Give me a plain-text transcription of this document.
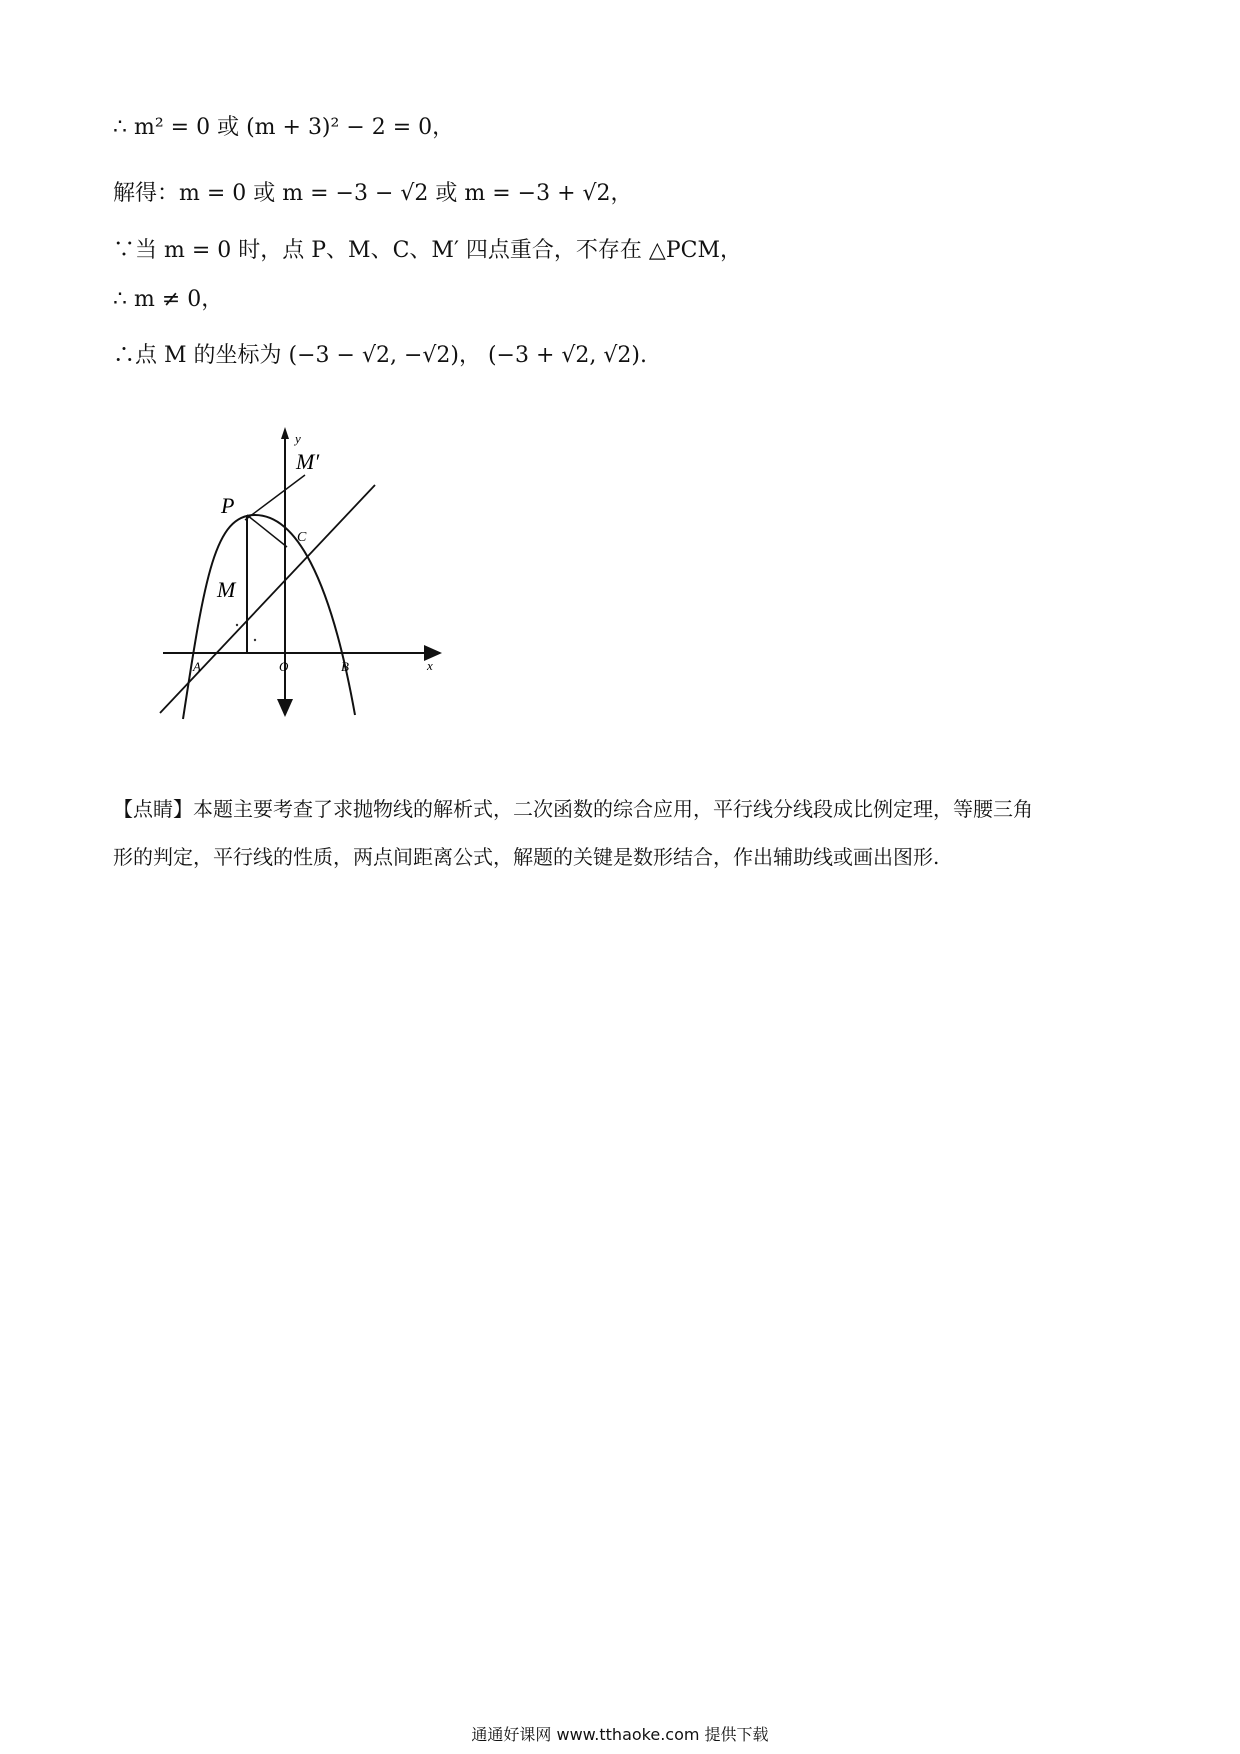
∴ m² = 0 或 (m + 3)² − 2 = 0，
解得：m = 0 或 m = −3 − √2 或 m = −3 + √2，
∵当 m = 0 时，点 P、M、C、M′ 四点重合，不存在 △PCM，
∴ m ≠ 0，
∴点 M 的坐标为 (−3 − √2, −√2)， (−3 + √2, √2).
y
x
M′
P
C
M
A	O	B
【点睛】本题主要考查了求抛物线的解析式，二次函数的综合应用，平行线分线段成比例定理，等腰三角
形的判定，平行线的性质，两点间距离公式，解题的关键是数形结合，作出辅助线或画出图形.
通通好课网 www.tthaoke.com 提供下载
